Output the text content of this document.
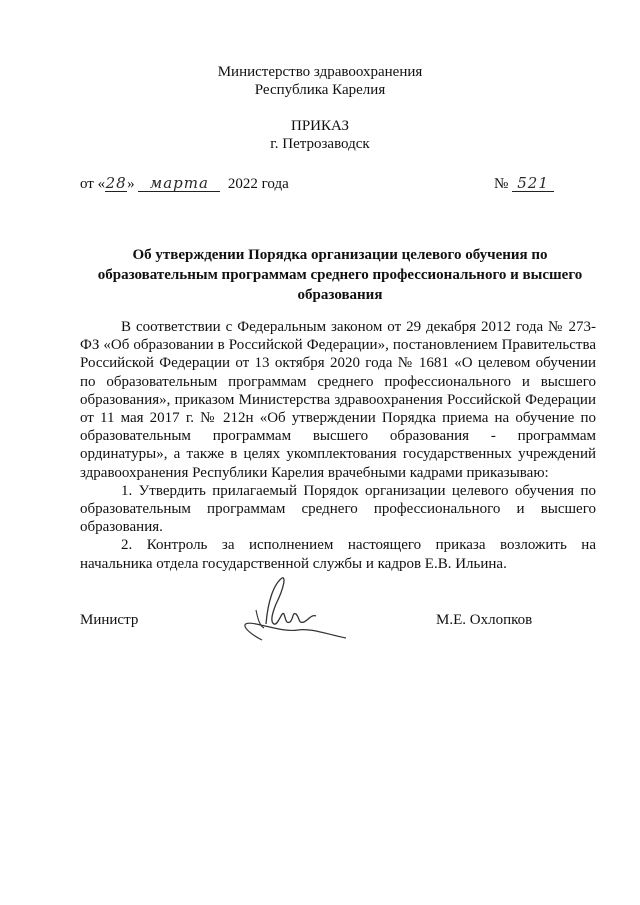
Министерство здравоохранения
Республика Карелия
ПРИКАЗ
г. Петрозаводск
от «28» марта 2022 года	№ 521
Об утверждении Порядка организации целевого обучения по образовательным программам среднего профессионального и высшего образования

В соответствии с Федеральным законом от 29 декабря 2012 года № 273-ФЗ «Об образовании в Российской Федерации», постановлением Правительства Российской Федерации от 13 октября 2020 года № 1681 «О целевом обучении по образовательным программам среднего профессионального и высшего образования», приказом Министерства здравоохранения Российской Федерации от 11 мая 2017 г. № 212н «Об утверждении Порядка приема на обучение по образовательным программам высшего образования - программам ординатуры», а также в целях укомплектования государственных учреждений здравоохранения Республики Карелия врачебными кадрами приказываю:

1. Утвердить прилагаемый Порядок организации целевого обучения по образовательным программам среднего профессионального и высшего образования.

2. Контроль за исполнением настоящего приказа возложить на начальника отдела государственной службы и кадров Е.В. Ильина.

Министр	М.Е. Охлопков
